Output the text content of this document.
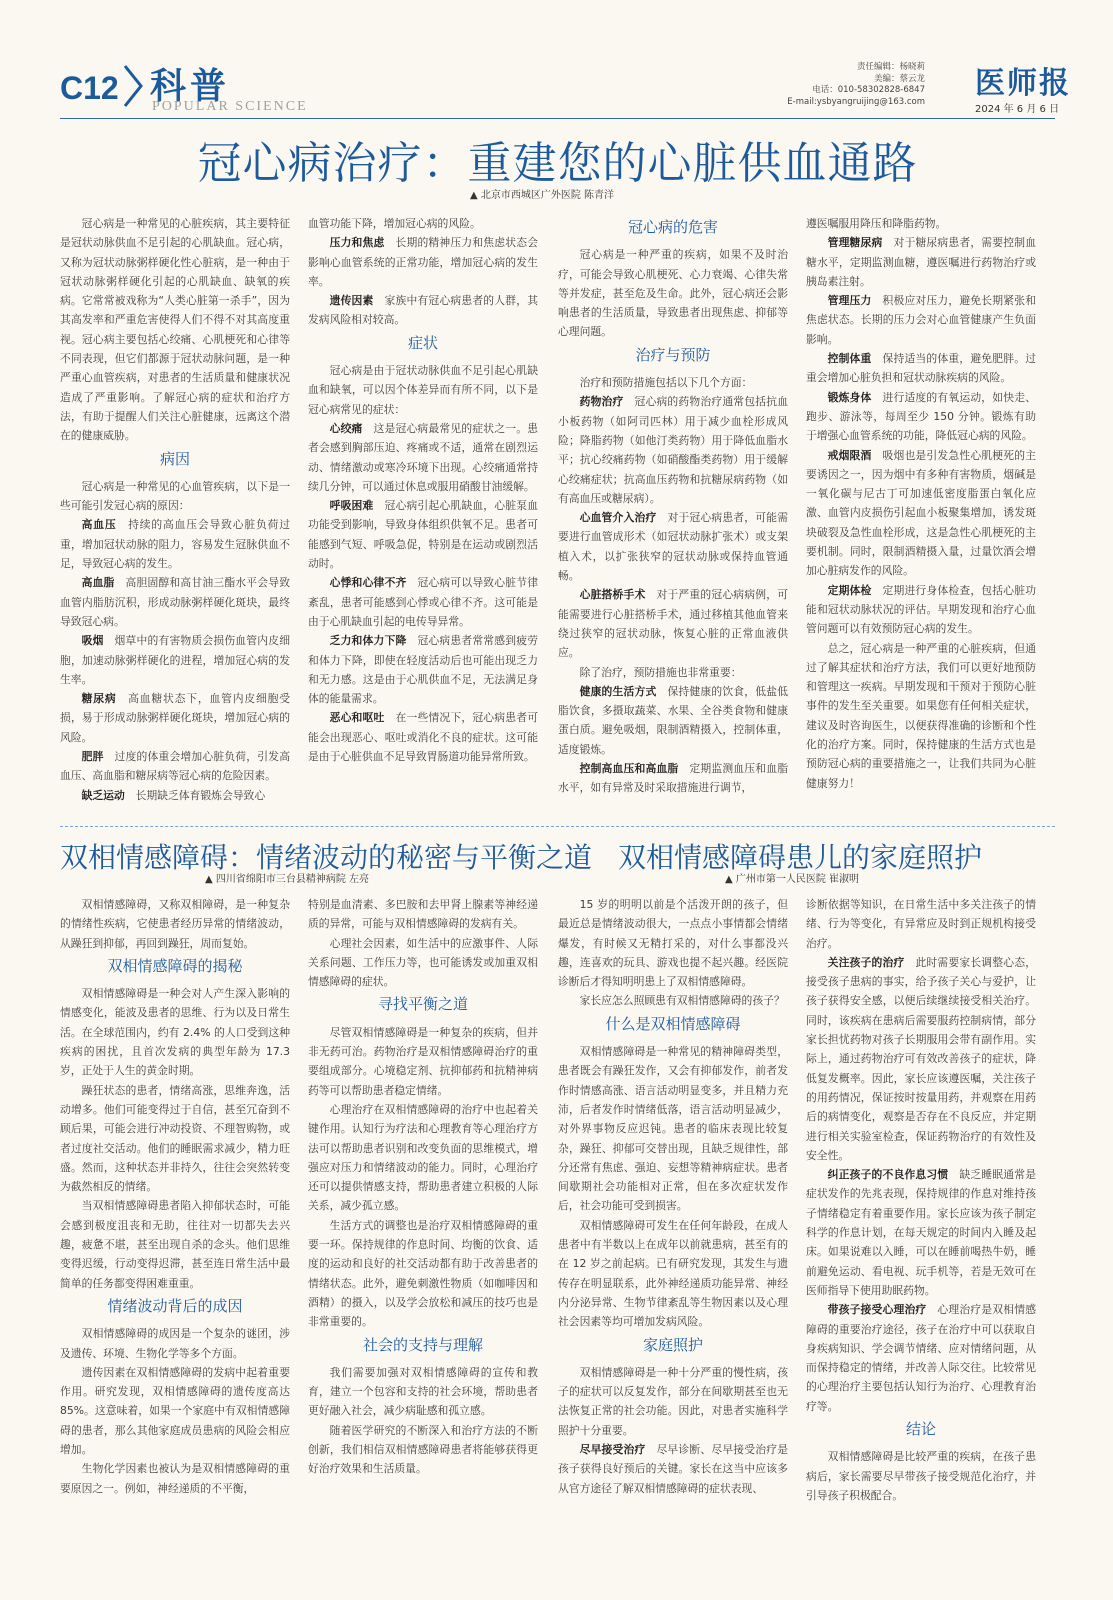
C12 科普
POPULAR SCIENCE
责任编辑：杨晓莉
美编：蔡云龙
电话：010-58302828-6847
E-mail:ysbyangruijing@163.com
医师报
2024 年 6 月 6 日
冠心病治疗：重建您的心脏供血通路
▲ 北京市西城区广外医院 陈青洋

冠心病是一种常见的心脏疾病，其主要特征是冠状动脉供血不足引起的心肌缺血。冠心病，又称为冠状动脉粥样硬化性心脏病，是一种由于冠状动脉粥样硬化引起的心肌缺血、缺氧的疾病。它常常被戏称为“人类心脏第一杀手”，因为其高发率和严重危害使得人们不得不对其高度重视。冠心病主要包括心绞痛、心肌梗死和心律等不同表现，但它们都源于冠状动脉问题，是一种严重心血管疾病，对患者的生活质量和健康状况造成了严重影响。了解冠心病的症状和治疗方法，有助于提醒人们关注心脏健康，远离这个潜在的健康威胁。

病因

冠心病是一种常见的心血管疾病，以下是一些可能引发冠心病的原因：

高血压　 持续的高血压会导致心脏负荷过重，增加冠状动脉的阻力，容易发生冠脉供血不足，导致冠心病的发生。

高血脂　 高胆固醇和高甘油三酯水平会导致血管内脂肪沉积，形成动脉粥样硬化斑块，最终导致冠心病。

吸烟　 烟草中的有害物质会损伤血管内皮细胞，加速动脉粥样硬化的进程，增加冠心病的发生率。

糖尿病　 高血糖状态下，血管内皮细胞受损，易于形成动脉粥样硬化斑块，增加冠心病的风险。

肥胖　 过度的体重会增加心脏负荷，引发高血压、高血脂和糖尿病等冠心病的危险因素。

缺乏运动　 长期缺乏体育锻炼会导致心

血管功能下降，增加冠心病的风险。

压力和焦虑　 长期的精神压力和焦虑状态会影响心血管系统的正常功能，增加冠心病的发生率。

遗传因素　 家族中有冠心病患者的人群，其发病风险相对较高。

症状

冠心病是由于冠状动脉供血不足引起心肌缺血和缺氧，可以因个体差异而有所不同，以下是冠心病常见的症状：

心绞痛　 这是冠心病最常见的症状之一。患者会感到胸部压迫、疼痛或不适，通常在剧烈运动、情绪激动或寒冷环境下出现。心绞痛通常持续几分钟，可以通过休息或服用硝酸甘油缓解。

呼吸困难　 冠心病引起心肌缺血，心脏泵血功能受到影响，导致身体组织供氧不足。患者可能感到气短、呼吸急促，特别是在运动或剧烈活动时。

心悸和心律不齐　 冠心病可以导致心脏节律紊乱，患者可能感到心悸或心律不齐。这可能是由于心肌缺血引起的电传导异常。

乏力和体力下降　 冠心病患者常常感到疲劳和体力下降，即使在轻度活动后也可能出现乏力和无力感。这是由于心肌供血不足，无法满足身体的能量需求。

恶心和呕吐　 在一些情况下，冠心病患者可能会出现恶心、呕吐或消化不良的症状。这可能是由于心脏供血不足导致胃肠道功能异常所致。

冠心病的危害

冠心病是一种严重的疾病，如果不及时治疗，可能会导致心肌梗死、心力衰竭、心律失常等并发症，甚至危及生命。此外，冠心病还会影响患者的生活质量，导致患者出现焦虑、抑郁等心理问题。

治疗与预防

治疗和预防措施包括以下几个方面：

药物治疗　 冠心病的药物治疗通常包括抗血小板药物（如阿司匹林）用于减少血栓形成风险；降脂药物（如他汀类药物）用于降低血脂水平；抗心绞痛药物（如硝酸酯类药物）用于缓解心绞痛症状；抗高血压药物和抗糖尿病药物（如有高血压或糖尿病）。

心血管介入治疗　 对于冠心病患者，可能需要进行血管成形术（如冠状动脉扩张术）或支架植入术，以扩张狭窄的冠状动脉或保持血管通畅。

心脏搭桥手术　 对于严重的冠心病病例，可能需要进行心脏搭桥手术，通过移植其他血管来绕过狭窄的冠状动脉，恢复心脏的正常血液供应。

除了治疗，预防措施也非常重要：

健康的生活方式　 保持健康的饮食，低盐低脂饮食，多摄取蔬菜、水果、全谷类食物和健康蛋白质。避免吸烟，限制酒精摄入，控制体重，适度锻炼。

控制高血压和高血脂　 定期监测血压和血脂水平，如有异常及时采取措施进行调节，

遵医嘱服用降压和降脂药物。

管理糖尿病　 对于糖尿病患者，需要控制血糖水平，定期监测血糖，遵医嘱进行药物治疗或胰岛素注射。

管理压力　 积极应对压力，避免长期紧张和焦虑状态。长期的压力会对心血管健康产生负面影响。

控制体重　 保持适当的体重，避免肥胖。过重会增加心脏负担和冠状动脉疾病的风险。

锻炼身体　 进行适度的有氧运动，如快走、跑步、游泳等，每周至少 150 分钟。锻炼有助于增强心血管系统的功能，降低冠心病的风险。

戒烟限酒　 吸烟也是引发急性心肌梗死的主要诱因之一，因为烟中有多种有害物质，烟碱是一氧化碳与尼古丁可加速低密度脂蛋白氧化应激、血管内皮损伤引起血小板聚集增加，诱发斑块破裂及急性血栓形成，这是急性心肌梗死的主要机制。同时，限制酒精摄入量，过量饮酒会增加心脏病发作的风险。

定期体检　 定期进行身体检查，包括心脏功能和冠状动脉状况的评估。早期发现和治疗心血管问题可以有效预防冠心病的发生。

总之，冠心病是一种严重的心脏疾病，但通过了解其症状和治疗方法，我们可以更好地预防和管理这一疾病。早期发现和干预对于预防心脏事件的发生至关重要。如果您有任何相关症状，建议及时咨询医生，以便获得准确的诊断和个性化的治疗方案。同时，保持健康的生活方式也是预防冠心病的重要措施之一，让我们共同为心脏健康努力！

双相情感障碍：情绪波动的秘密与平衡之道
▲ 四川省绵阳市三台县精神病院 左亮

双相情感障碍，又称双相障碍，是一种复杂的情绪性疾病，它使患者经历异常的情绪波动，从躁狂到抑郁，再回到躁狂，周而复始。

双相情感障碍的揭秘

双相情感障碍是一种会对人产生深入影响的情感变化，能波及患者的思维、行为以及日常生活。在全球范围内，约有 2.4% 的人口受到这种疾病的困扰，且首次发病的典型年龄为 17.3 岁，正处于人生的黄金时期。

躁狂状态的患者，情绪高涨，思维奔逸，活动增多。他们可能变得过于自信，甚至冗奋到不顾后果，可能会进行冲动投资、不理智购物，或者过度社交活动。他们的睡眠需求减少，精力旺盛。然而，这种状态并非持久，往往会突然转变为截然相反的情绪。

当双相情感障碍患者陷入抑郁状态时，可能会感到极度沮丧和无助，往往对一切都失去兴趣，疲惫不堪，甚至出现自杀的念头。他们思维变得迟缓，行动变得迟滞，甚至连日常生活中最简单的任务都变得困难重重。

情绪波动背后的成因

双相情感障碍的成因是一个复杂的谜团，涉及遗传、环境、生物化学等多个方面。

遗传因素在双相情感障碍的发病中起着重要作用。研究发现，双相情感障碍的遗传度高达 85%。这意味着，如果一个家庭中有双相情感障碍的患者，那么其他家庭成员患病的风险会相应增加。

生物化学因素也被认为是双相情感障碍的重要原因之一。例如，神经递质的不平衡，

特别是血清素、多巴胺和去甲肾上腺素等神经递质的异常，可能与双相情感障碍的发病有关。

心理社会因素，如生活中的应激事件、人际关系问题、工作压力等，也可能诱发或加重双相情感障碍的症状。

寻找平衡之道

尽管双相情感障碍是一种复杂的疾病，但并非无药可治。药物治疗是双相情感障碍治疗的重要组成部分。心境稳定剂、抗抑郁药和抗精神病药等可以帮助患者稳定情绪。

心理治疗在双相情感障碍的治疗中也起着关键作用。认知行为疗法和心理教育等心理治疗方法可以帮助患者识别和改变负面的思维模式，增强应对压力和情绪波动的能力。同时，心理治疗还可以提供情感支持，帮助患者建立积极的人际关系，减少孤立感。

生活方式的调整也是治疗双相情感障碍的重要一环。保持规律的作息时间、均衡的饮食、适度的运动和良好的社交活动都有助于改善患者的情绪状态。此外，避免刺激性物质（如咖啡因和酒精）的摄入，以及学会放松和减压的技巧也是非常重要的。

社会的支持与理解

我们需要加强对双相情感障碍的宣传和教育，建立一个包容和支持的社会环境，帮助患者更好融入社会，减少病耻感和孤立感。

随着医学研究的不断深入和治疗方法的不断创新，我们相信双相情感障碍患者将能够获得更好治疗效果和生活质量。

双相情感障碍患儿的家庭照护
▲ 广州市第一人民医院 崔淑明

15 岁的明明以前是个活泼开朗的孩子，但最近总是情绪波动很大，一点点小事情都会情绪爆发，有时候又无精打采的，对什么事都没兴趣，连喜欢的玩具、游戏也提不起兴趣。经医院诊断后才得知明明患上了双相情感障碍。

家长应怎么照顾患有双相情感障碍的孩子？

什么是双相情感障碍

双相情感障碍是一种常见的精神障碍类型，患者既会有躁狂发作，又会有抑郁发作，前者发作时情感高涨、语言活动明显变多，并且精力充沛，后者发作时情绪低落，语言活动明显减少，对外界事物反应迟钝。患者的临床表现比较复杂，躁狂、抑郁可交替出现，且缺乏规律性，部分还常有焦虑、强迫、妄想等精神病症状。患者间歇期社会功能相对正常，但在多次症状发作后，社会功能可受到损害。

双相情感障碍可发生在任何年龄段，在成人患者中有半数以上在成年以前就患病，甚至有的在 12 岁之前起病。已有研究发现，其发生与遗传存在明显联系，此外神经递质功能异常、神经内分泌异常、生物节律紊乱等生物因素以及心理社会因素等均可增加发病风险。

家庭照护

双相情感障碍是一种十分严重的慢性病，孩子的症状可以反复发作，部分在间歇期甚至也无法恢复正常的社会功能。因此，对患者实施科学照护十分重要。

尽早接受治疗　 尽早诊断、尽早接受治疗是孩子获得良好预后的关键。家长在这当中应该多从官方途径了解双相情感障碍的症状表现、

诊断依据等知识，在日常生活中多关注孩子的情绪、行为等变化，有异常应及时到正规机构接受治疗。

关注孩子的治疗　 此时需要家长调整心态，接受孩子患病的事实，给予孩子关心与爱护，让孩子获得安全感，以便后续继续接受相关治疗。同时，该疾病在患病后需要服药控制病情，部分家长担忧药物对孩子长期服用会带有副作用。实际上，通过药物治疗可有效改善孩子的症状，降低复发概率。因此，家长应该遵医嘱，关注孩子的用药情况，保证按时按量用药，并观察在用药后的病情变化，观察是否存在不良反应，并定期进行相关实验室检查，保证药物治疗的有效性及安全性。

纠正孩子的不良作息习惯　 缺乏睡眠通常是症状发作的先兆表现，保持规律的作息对维持孩子情绪稳定有着重要作用。家长应该为孩子制定科学的作息计划，在每天规定的时间内入睡及起床。如果说难以入睡，可以在睡前喝热牛奶，睡前避免运动、看电视、玩手机等，若是无效可在医师指导下使用助眠药物。

带孩子接受心理治疗　 心理治疗是双相情感障碍的重要治疗途径，孩子在治疗中可以获取自身疾病知识、学会调节情绪、应对情绪问题，从而保持稳定的情绪，并改善人际交往。比较常见的心理治疗主要包括认知行为治疗、心理教育治疗等。

结论

双相情感障碍是比较严重的疾病，在孩子患病后，家长需要尽早带孩子接受规范化治疗，并引导孩子积极配合。
